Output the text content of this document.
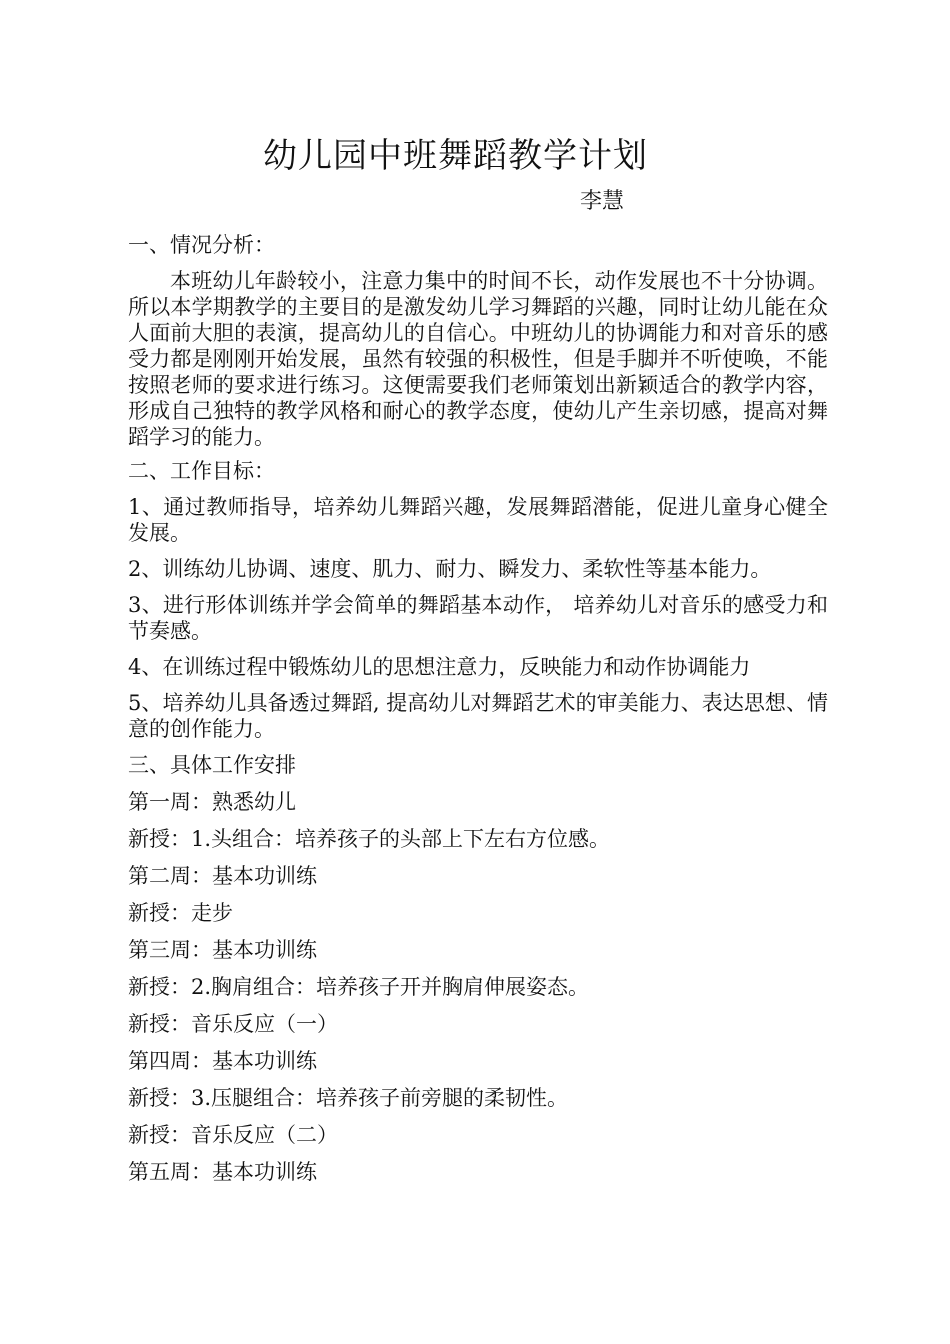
幼儿园中班舞蹈教学计划
李慧

一、情况分析：

本班幼儿年龄较小，注意力集中的时间不长，动作发展也不十分协调。所以本学期教学的主要目的是激发幼儿学习舞蹈的兴趣，同时让幼儿能在众人面前大胆的表演，提高幼儿的自信心。中班幼儿的协调能力和对音乐的感受力都是刚刚开始发展，虽然有较强的积极性，但是手脚并不听使唤，不能按照老师的要求进行练习。这便需要我们老师策划出新颖适合的教学内容，形成自己独特的教学风格和耐心的教学态度，使幼儿产生亲切感，提高对舞蹈学习的能力。

二、工作目标：

1、通过教师指导，培养幼儿舞蹈兴趣，发展舞蹈潜能，促进儿童身心健全发展。

2、训练幼儿协调、速度、肌力、耐力、瞬发力、柔软性等基本能力。

3、进行形体训练并学会简单的舞蹈基本动作， 培养幼儿对音乐的感受力和节奏感。

4、在训练过程中锻炼幼儿的思想注意力，反映能力和动作协调能力

5、培养幼儿具备透过舞蹈, 提高幼儿对舞蹈艺术的审美能力、表达思想、情意的创作能力。

三、具体工作安排

第一周：熟悉幼儿

新授：1.头组合：培养孩子的头部上下左右方位感。

第二周：基本功训练

新授：走步

第三周：基本功训练

新授：2.胸肩组合：培养孩子开并胸肩伸展姿态。

新授：音乐反应（一）

第四周：基本功训练

新授：3.压腿组合：培养孩子前旁腿的柔韧性。

新授：音乐反应（二）

第五周：基本功训练
